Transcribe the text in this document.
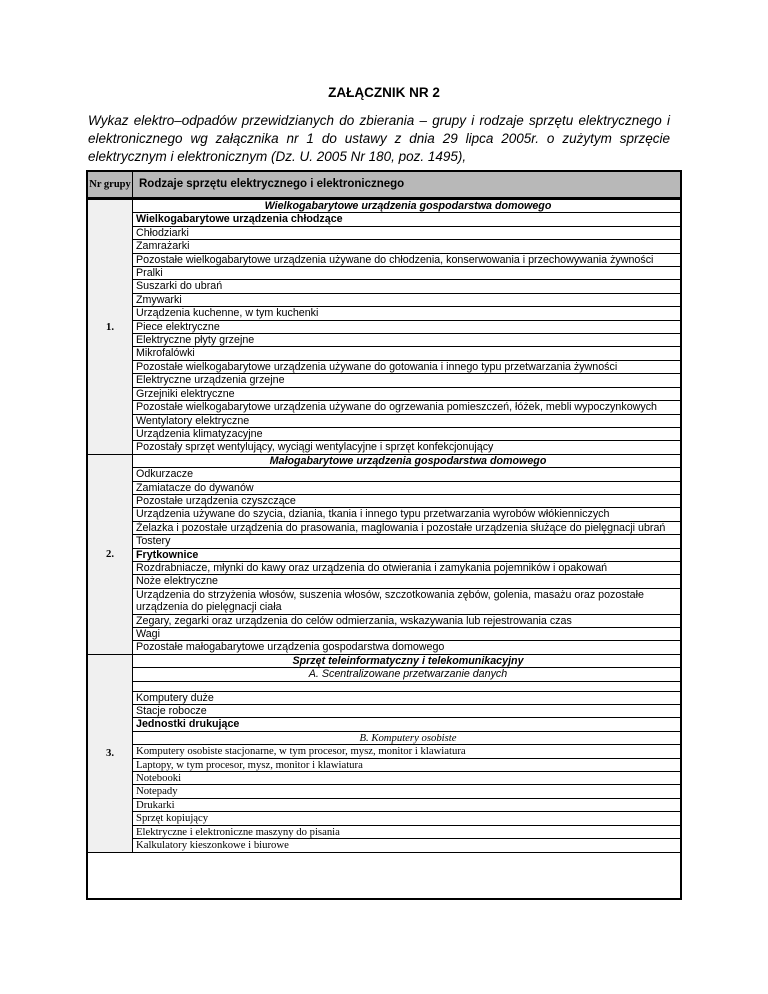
ZAŁĄCZNIK NR 2
Wykaz elektro–odpadów przewidzianych do zbierania – grupy i rodzaje sprzętu elektrycznego i elektronicznego wg załącznika nr 1 do ustawy z dnia 29 lipca 2005r. o zużytym sprzęcie elektrycznym i elektronicznym (Dz. U. 2005 Nr 180, poz. 1495),
Nr grupy	Rodzaje sprzętu elektrycznego i elektronicznego
1.	Wielkogabarytowe urządzenia gospodarstwa domowego
	Wielkogabarytowe urządzenia chłodzące
	Chłodziarki
	Zamrażarki
	Pozostałe wielkogabarytowe urządzenia używane do chłodzenia, konserwowania i przechowywania żywności
	Pralki
	Suszarki do ubrań
	Zmywarki
	Urządzenia kuchenne, w tym kuchenki
	Piece elektryczne
	Elektryczne płyty grzejne
	Mikrofalówki
	Pozostałe wielkogabarytowe urządzenia używane do gotowania i innego typu przetwarzania żywności
	Elektryczne urządzenia grzejne
	Grzejniki elektryczne
	Pozostałe wielkogabarytowe urządzenia używane do ogrzewania pomieszczeń, łóżek, mebli wypoczynkowych
	Wentylatory elektryczne
	Urządzenia klimatyzacyjne
	Pozostały sprzęt wentylujący, wyciągi wentylacyjne i sprzęt konfekcjonujący
2.	Małogabarytowe urządzenia gospodarstwa domowego
	Odkurzacze
	Zamiatacze do dywanów
	Pozostałe urządzenia czyszczące
	Urządzenia używane do szycia, dziania, tkania i innego typu przetwarzania wyrobów włókienniczych
	Żelazka i pozostałe urządzenia do prasowania, maglowania i pozostałe urządzenia służące do pielęgnacji ubrań
	Tostery
	Frytkownice
	Rozdrabniacze, młynki do kawy oraz urządzenia do otwierania i zamykania pojemników i opakowań
	Noże elektryczne
	Urządzenia do strzyżenia włosów, suszenia włosów, szczotkowania zębów, golenia, masażu oraz pozostałe urządzenia do pielęgnacji ciała
	Zegary, zegarki oraz urządzenia do celów odmierzania, wskazywania lub rejestrowania czas
	Wagi
	Pozostałe małogabarytowe urządzenia gospodarstwa domowego
3.	Sprzęt teleinformatyczny i telekomunikacyjny
	A. Scentralizowane przetwarzanie danych

	Komputery duże
	Stacje robocze
	Jednostki drukujące
	B. Komputery osobiste
	Komputery osobiste stacjonarne, w tym procesor, mysz, monitor i klawiatura
	Laptopy, w tym procesor, mysz, monitor i klawiatura
	Notebooki
	Notepady
	Drukarki
	Sprzęt kopiujący
	Elektryczne i elektroniczne maszyny do pisania
	Kalkulatory kieszonkowe i biurowe
